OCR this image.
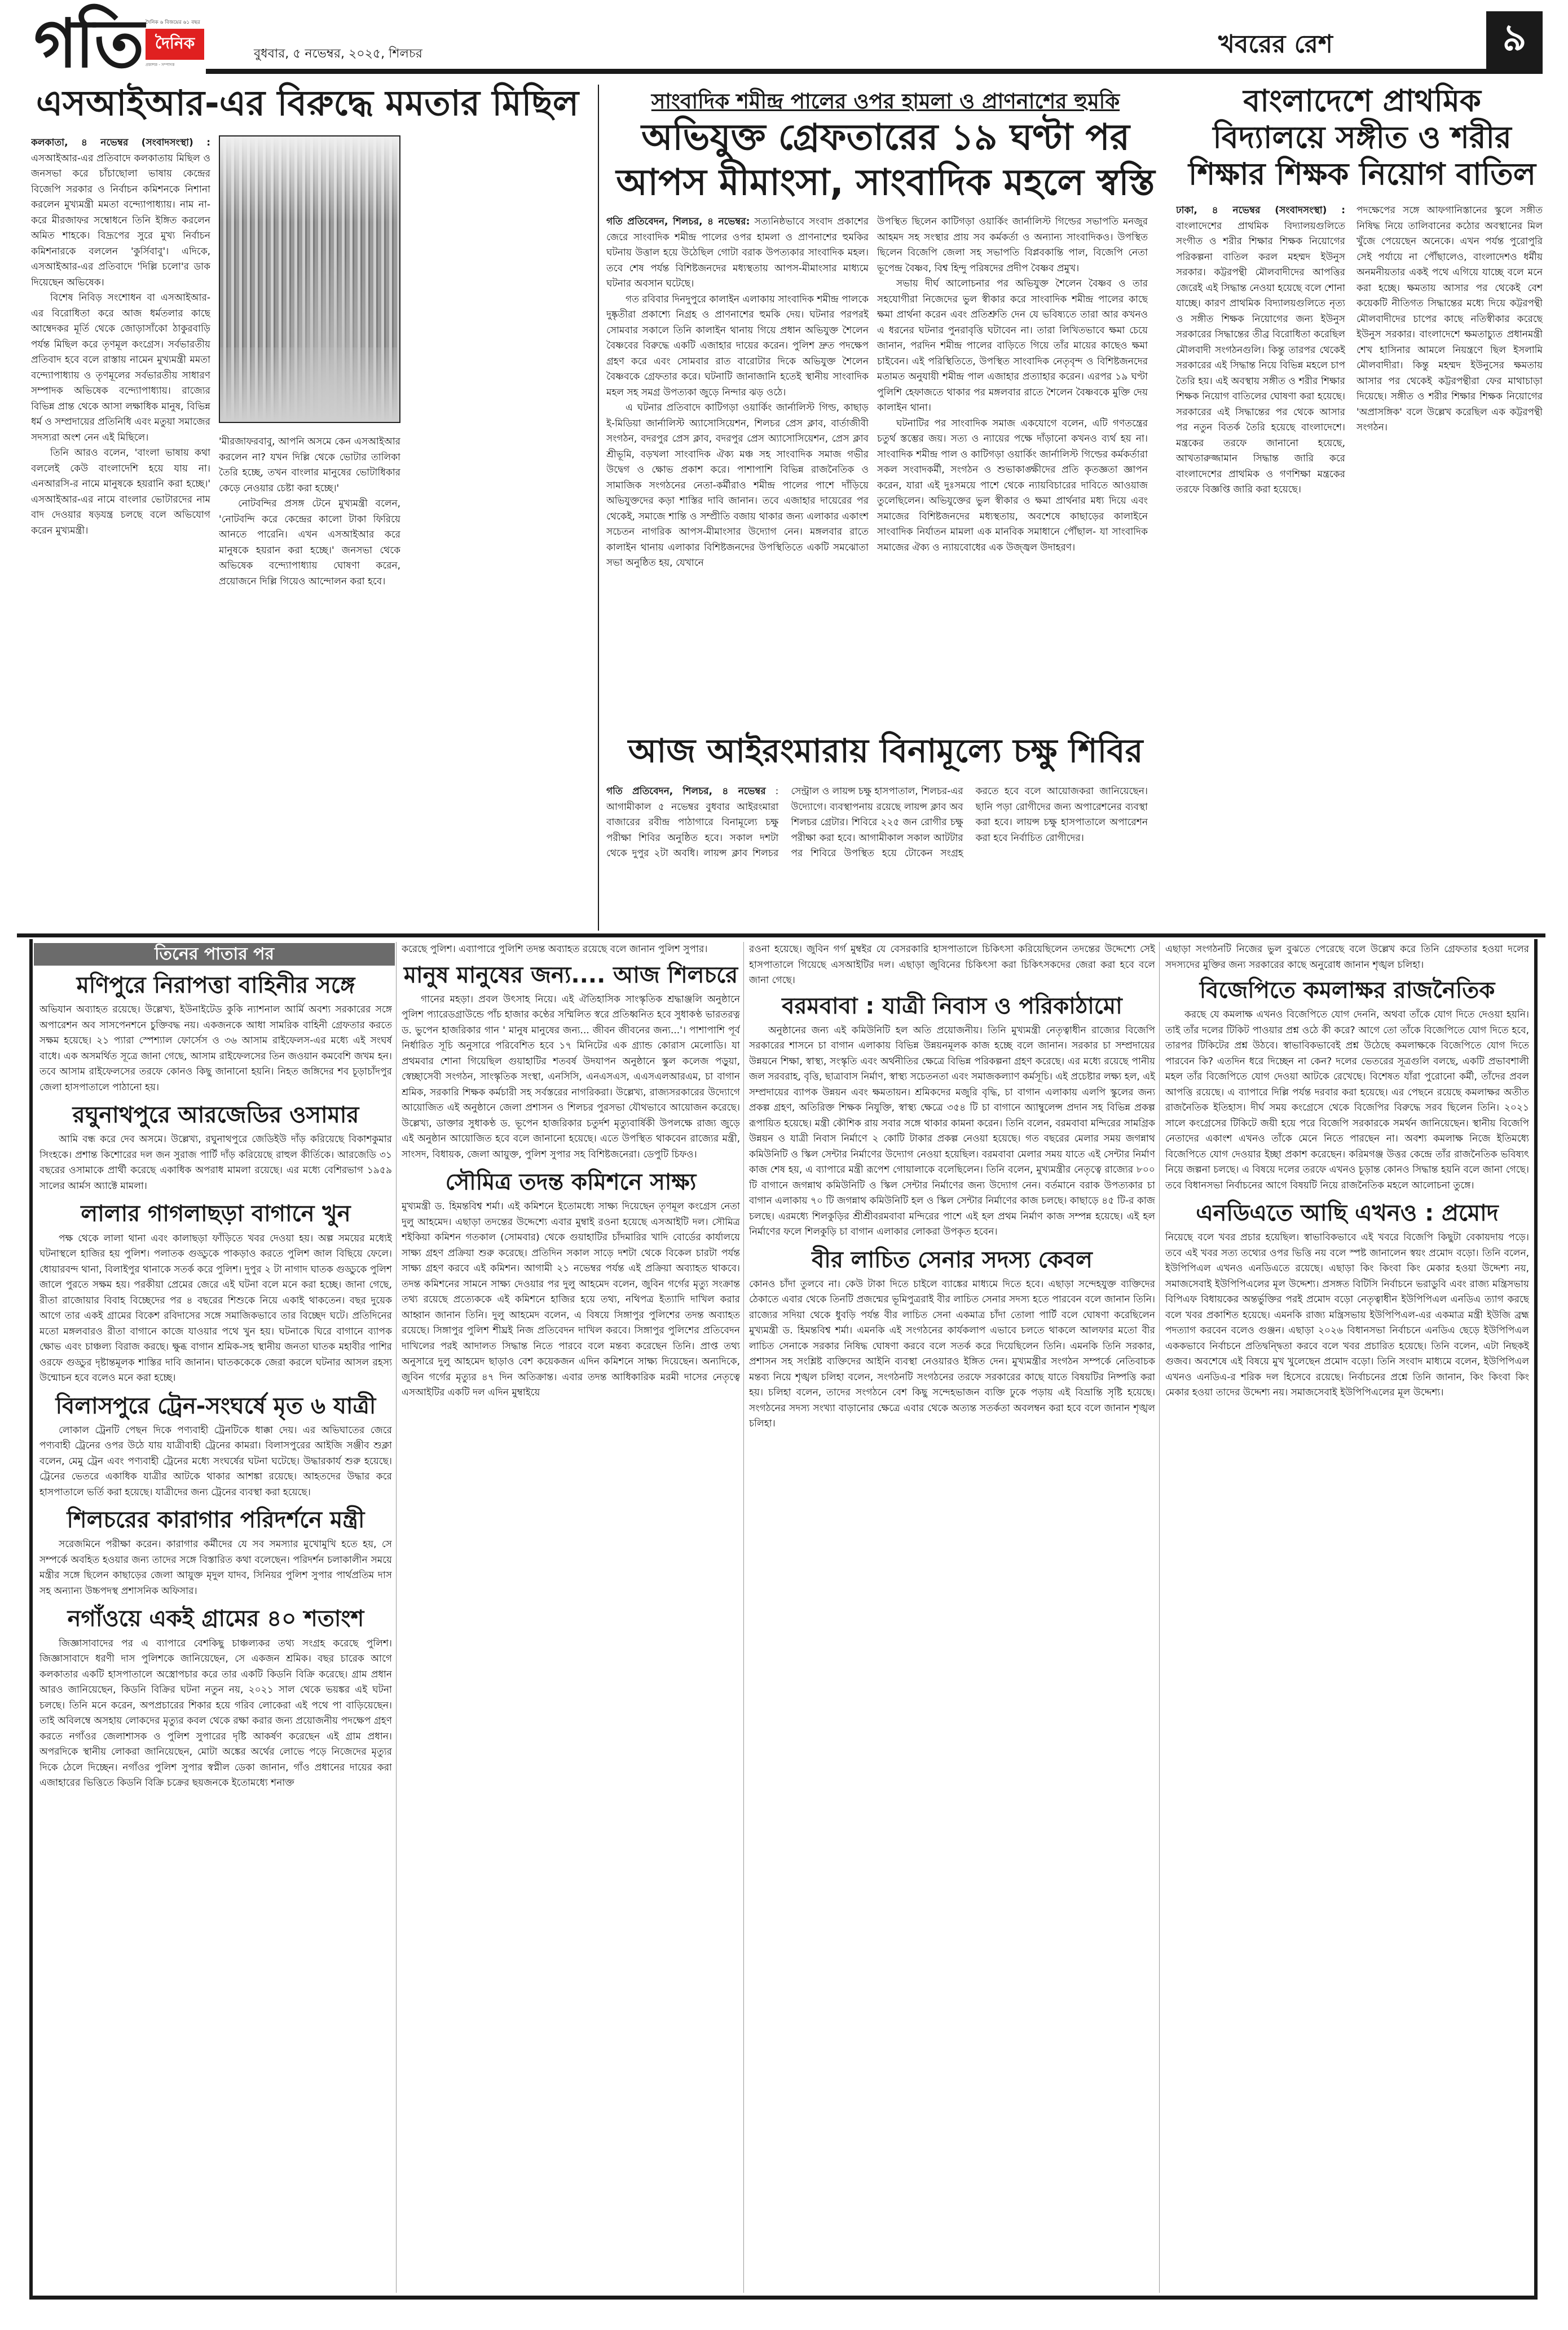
গতি দৈনিক ৬ বিজয়ের ৬১ বছর
দৈনিক
প্রকাশক - সম্পাদক
বুধবার, ৫ নভেম্বর, ২০২৫, শিলচর	খবরের রেশ	৯
এসআইআর-এর বিরুদ্ধে মমতার মিছিল

কলকাতা, ৪ নভেম্বর (সংবাদসংস্থা) : এসআইআর-এর প্রতিবাদে কলকাতায় মিছিল ও জনসভা করে চাঁচাছোলা ভাষায় কেন্দ্রের বিজেপি সরকার ও নির্বাচন কমিশনকে নিশানা করলেন মুখ্যমন্ত্রী মমতা বন্দ্যোপাধ্যায়। নাম না-করে মীরজাফর সম্বোধনে তিনি ইঙ্গিত করলেন অমিত শাহকে। বিদ্রূপের সুরে মুখ্য নির্বাচন কমিশনারকে বললেন 'কুর্সিবাবু'। এদিকে, এসআইআর-এর প্রতিবাদে 'দিল্লি চলো'র ডাক দিয়েছেন অভিষেক।

বিশেষ নিবিড় সংশোধন বা এসআইআর-এর বিরোধিতা করে আজ ধর্মতলার কাছে আম্বেদকর মূর্তি থেকে জোড়াসাঁকো ঠাকুরবাড়ি পর্যন্ত মিছিল করে তৃণমূল কংগ্রেস। সর্বভারতীয় প্রতিবাদ হবে বলে রাস্তায় নামেন মুখ্যমন্ত্রী মমতা বন্দ্যোপাধ্যায় ও তৃণমূলের সর্বভারতীয় সাধারণ সম্পাদক অভিষেক বন্দ্যোপাধ্যায়। রাজ্যের বিভিন্ন প্রান্ত থেকে আসা লক্ষাধিক মানুষ, বিভিন্ন ধর্ম ও সম্প্রদায়ের প্রতিনিধি এবং মতুয়া সমাজের সদস্যরা অংশ নেন এই মিছিলে।

তিনি আরও বলেন, 'বাংলা ভাষায় কথা বললেই কেউ বাংলাদেশি হয়ে যায় না। এনআরসি-র নামে মানুষকে হয়রানি করা হচ্ছে।' এসআইআর-এর নামে বাংলার ভোটারদের নাম বাদ দেওয়ার ষড়যন্ত্র চলছে বলে অভিযোগ করেন মুখ্যমন্ত্রী।

'মীরজাফরবাবু, আপনি অসমে কেন এসআইআর করলেন না? যখন দিল্লি থেকে ভোটার তালিকা তৈরি হচ্ছে, তখন বাংলার মানুষের ভোটাধিকার কেড়ে নেওয়ার চেষ্টা করা হচ্ছে।'

নোটবন্দির প্রসঙ্গ টেনে মুখ্যমন্ত্রী বলেন, 'নোটবন্দি করে কেন্দ্রের কালো টাকা ফিরিয়ে আনতে পারেনি। এখন এসআইআর করে মানুষকে হয়রান করা হচ্ছে।' জনসভা থেকে অভিষেক বন্দ্যোপাধ্যায় ঘোষণা করেন, প্রয়োজনে দিল্লি গিয়েও আন্দোলন করা হবে।

সাংবাদিক শমীন্দ্র পালের ওপর হামলা ও প্রাণনাশের হুমকি
অভিযুক্ত গ্রেফতারের ১৯ ঘণ্টা পর
আপস মীমাংসা, সাংবাদিক মহলে স্বস্তি

গতি প্রতিবেদন, শিলচর, ৪ নভেম্বর: সত্যনিষ্ঠভাবে সংবাদ প্রকাশের জেরে সাংবাদিক শমীন্দ্র পালের ওপর হামলা ও প্রাণনাশের হুমকির ঘটনায় উত্তাল হয়ে উঠেছিল গোটা বরাক উপত্যকার সাংবাদিক মহল। তবে শেষ পর্যন্ত বিশিষ্টজনদের মধ্যস্থতায় আপস-মীমাংসার মাধ্যমে ঘটনার অবসান ঘটেছে।

গত রবিবার দিনদুপুরে কালাইন এলাকায় সাংবাদিক শমীন্দ্র পালকে দুষ্কৃতীরা প্রকাশ্যে নিগ্রহ ও প্রাণনাশের হুমকি দেয়। ঘটনার পরপরই সোমবার সকালে তিনি কালাইন থানায় গিয়ে প্রধান অভিযুক্ত শৈলেন বৈষ্ণবের বিরুদ্ধে একটি এজাহার দায়ের করেন। পুলিশ দ্রুত পদক্ষেপ গ্রহণ করে এবং সোমবার রাত বারোটার দিকে অভিযুক্ত শৈলেন বৈষ্ণবকে গ্রেফতার করে। ঘটনাটি জানাজানি হতেই স্থানীয় সাংবাদিক মহল সহ সমগ্র উপত্যকা জুড়ে নিন্দার ঝড় ওঠে।

এ ঘটনার প্রতিবাদে কাটিগড়া ওয়ার্কিং জার্নালিস্ট গিল্ড, কাছাড় ই-মিডিয়া জার্নালিস্ট অ্যাসোসিয়েশন, শিলচর প্রেস ক্লাব, বার্তাজীবী সংগঠন, বদরপুর প্রেস ক্লাব, বদরপুর প্রেস অ্যাসোসিয়েশন, প্রেস ক্লাব শ্রীভূমি, বড়খলা সাংবাদিক ঐক্য মঞ্চ সহ সাংবাদিক সমাজ গভীর উদ্বেগ ও ক্ষোভ প্রকাশ করে। পাশাপাশি বিভিন্ন রাজনৈতিক ও সামাজিক সংগঠনের নেতা-কর্মীরাও শমীন্দ্র পালের পাশে দাঁড়িয়ে অভিযুক্তদের কড়া শাস্তির দাবি জানান। তবে এজাহার দায়েরের পর থেকেই, সমাজে শান্তি ও সম্প্রীতি বজায় থাকার জন্য এলাকার একাংশ সচেতন নাগরিক আপস-মীমাংসার উদ্যোগ নেন। মঙ্গলবার রাতে কালাইন থানায় এলাকার বিশিষ্টজনদের উপস্থিতিতে একটি সমঝোতা সভা অনুষ্ঠিত হয়, যেখানে

উপস্থিত ছিলেন কাটিগড়া ওয়ার্কিং জার্নালিস্ট গিল্ডের সভাপতি মনজুর আহমদ সহ সংস্থার প্রায় সব কর্মকর্তা ও অন্যান্য সাংবাদিকও। উপস্থিত ছিলেন বিজেপি জেলা সহ সভাপতি বিপ্লবকান্তি পাল, বিজেপি নেতা ভূপেন্দ্র বৈষ্ণব, বিশ্ব হিন্দু পরিষদের প্রদীপ বৈষ্ণব প্রমুখ।

সভায় দীর্ঘ আলোচনার পর অভিযুক্ত শৈলেন বৈষ্ণব ও তার সহযোগীরা নিজেদের ভুল স্বীকার করে সাংবাদিক শমীন্দ্র পালের কাছে ক্ষমা প্রার্থনা করেন এবং প্রতিশ্রুতি দেন যে ভবিষ্যতে তারা আর কখনও এ ধরনের ঘটনার পুনরাবৃত্তি ঘটাবেন না। তারা লিখিতভাবে ক্ষমা চেয়ে জানান, পরদিন শমীন্দ্র পালের বাড়িতে গিয়ে তাঁর মায়ের কাছেও ক্ষমা চাইবেন। এই পরিস্থিতিতে, উপস্থিত সাংবাদিক নেতৃবৃন্দ ও বিশিষ্টজনদের মতামত অনুযায়ী শমীন্দ্র পাল এজাহার প্রত্যাহার করেন। এরপর ১৯ ঘণ্টা পুলিশি হেফাজতে থাকার পর মঙ্গলবার রাতে শৈলেন বৈষ্ণবকে মুক্তি দেয় কালাইন থানা।

ঘটনাটির পর সাংবাদিক সমাজ একযোগে বলেন, এটি গণতন্ত্রের চতুর্থ স্তম্ভের জয়। সত্য ও ন্যায়ের পক্ষে দাঁড়ানো কখনও ব্যর্থ হয় না। সাংবাদিক শমীন্দ্র পাল ও কাটিগড়া ওয়ার্কিং জার্নালিস্ট গিল্ডের কর্মকর্তারা সকল সংবাদকর্মী, সংগঠন ও শুভাকাঙ্ক্ষীদের প্রতি কৃতজ্ঞতা জ্ঞাপন করেন, যারা এই দুঃসময়ে পাশে থেকে ন্যায়বিচারের দাবিতে আওয়াজ তুলেছিলেন। অভিযুক্তের ভুল স্বীকার ও ক্ষমা প্রার্থনার মধ্য দিয়ে এবং সমাজের বিশিষ্টজনদের মধ্যস্থতায়, অবশেষে কাছাড়ের কালাইনে সাংবাদিক নির্যাতন মামলা এক মানবিক সমাধানে পৌঁছাল- যা সাংবাদিক সমাজের ঐক্য ও ন্যায়বোধের এক উজ্জ্বল উদাহরণ।

আজ আইরংমারায় বিনামূল্যে চক্ষু শিবির

গতি প্রতিবেদন, শিলচর, ৪ নভেম্বর : আগামীকাল ৫ নভেম্বর বুধবার আইরংমারা বাজারের রবীন্দ্র পাঠাগারে বিনামূল্যে চক্ষু পরীক্ষা শিবির অনুষ্ঠিত হবে। সকাল দশটা থেকে দুপুর ২টা অবধি। লায়ন্স ক্লাব শিলচর সেন্ট্রাল ও লায়ন্স চক্ষু হাসপাতাল, শিলচর-এর উদ্যোগে। ব্যবস্থাপনায় রয়েছে লায়ন্স ক্লাব অব শিলচর গ্রেটার। শিবিরে ২২৫ জন রোগীর চক্ষু পরীক্ষা করা হবে। আগামীকাল সকাল আটটার পর শিবিরে উপস্থিত হয়ে টোকেন সংগ্রহ করতে হবে বলে আয়োজকরা জানিয়েছেন। ছানি পড়া রোগীদের জন্য অপারেশনের ব্যবস্থা করা হবে। লায়ন্স চক্ষু হাসপাতালে অপারেশন করা হবে নির্বাচিত রোগীদের।

বাংলাদেশে প্রাথমিক
বিদ্যালয়ে সঙ্গীত ও শরীর
শিক্ষার শিক্ষক নিয়োগ বাতিল

ঢাকা, ৪ নভেম্বর (সংবাদসংস্থা) : বাংলাদেশের প্রাথমিক বিদ্যালয়গুলিতে সংগীত ও শরীর শিক্ষার শিক্ষক নিয়োগের পরিকল্পনা বাতিল করল মহম্মদ ইউনুস সরকার। কট্টরপন্থী মৌলবাদীদের আপত্তির জেরেই এই সিদ্ধান্ত নেওয়া হয়েছে বলে শোনা যাচ্ছে। কারণ প্রাথমিক বিদ্যালয়গুলিতে নৃত্য ও সঙ্গীত শিক্ষক নিয়োগের জন্য ইউনুস সরকারের সিদ্ধান্তের তীব্র বিরোধিতা করেছিল মৌলবাদী সংগঠনগুলি। কিন্তু তারপর থেকেই সরকারের এই সিদ্ধান্ত নিয়ে বিভিন্ন মহলে চাপ তৈরি হয়। এই অবস্থায় সঙ্গীত ও শরীর শিক্ষার শিক্ষক নিয়োগ বাতিলের ঘোষণা করা হয়েছে। সরকারের এই সিদ্ধান্তের পর থেকে আসার পর নতুন বিতর্ক তৈরি হয়েছে বাংলাদেশে। মন্ত্রকের তরফে জানানো হয়েছে, আখতারুজ্জামান সিদ্ধান্ত জারি করে বাংলাদেশের প্রাথমিক ও গণশিক্ষা মন্ত্রকের তরফে বিজ্ঞপ্তি জারি করা হয়েছে।

পদক্ষেপের সঙ্গে আফগানিস্তানের স্কুলে সঙ্গীত নিষিদ্ধ নিয়ে তালিবানের কঠোর অবস্থানের মিল খুঁজে পেয়েছেন অনেকে। এখন পর্যন্ত পুরোপুরি সেই পর্যায়ে না পৌঁছালেও, বাংলাদেশও ধর্মীয় অনমনীয়তার একই পথে এগিয়ে যাচ্ছে বলে মনে করা হচ্ছে। ক্ষমতায় আসার পর থেকেই বেশ কয়েকটি নীতিগত সিদ্ধান্তের মধ্যে দিয়ে কট্টরপন্থী মৌলবাদীদের চাপের কাছে নতিস্বীকার করেছে ইউনুস সরকার। বাংলাদেশে ক্ষমতাচ্যুত প্রধানমন্ত্রী শেখ হাসিনার আমলে নিয়ন্ত্রণে ছিল ইসলামি মৌলবাদীরা। কিন্তু মহম্মদ ইউনুসের ক্ষমতায় আসার পর থেকেই কট্টরপন্থীরা ফের মাথাচাড়া দিয়েছে। সঙ্গীত ও শরীর শিক্ষার শিক্ষক নিয়োগের 'অপ্রাসঙ্গিক' বলে উল্লেখ করেছিল এক কট্টরপন্থী সংগঠন।

তিনের পাতার পর
মণিপুরে নিরাপত্তা বাহিনীর সঙ্গে

অভিযান অব্যাহত রয়েছে। উল্লেখ্য, ইউনাইটেড কুকি ন্যাশনাল আর্মি অবশ্য সরকারের সঙ্গে অপারেশন অব সাসপেনশনে চুক্তিবদ্ধ নয়। একজনকে আধা সামরিক বাহিনী গ্রেফতার করতে সক্ষম হয়েছে। ২১ প্যারা স্পেশ্যাল ফোর্সেস ও ৩৬ আসাম রাইফেলস-এর মধ্যে এই সংঘর্ষ বাধে। এক অসমর্থিত সূত্রে জানা গেছে, আসাম রাইফেলসের তিন জওয়ান কমবেশি জখম হন। তবে আসাম রাইফেলসের তরফে কোনও কিছু জানানো হয়নি। নিহত জঙ্গিদের শব চূড়াচাঁদপুর জেলা হাসপাতালে পাঠানো হয়।

রঘুনাথপুরে আরজেডির ওসামার

আমি বন্ধ করে দেব অসমে। উল্লেখ্য, রঘুনাথপুরে জেডিইউ দাঁড় করিয়েছে বিকাশকুমার সিংহকে। প্রশান্ত কিশোরের দল জন সুরাজ পার্টি দাঁড় করিয়েছে রাহুল কীর্তিকে। আরজেডি ৩১ বছরের ওসামাকে প্রার্থী করেছে একাধিক অপরাধ মামলা রয়েছে। এর মধ্যে বেশিরভাগ ১৯৫৯ সালের আর্মস অ্যাক্টে মামলা।

লালার গাগলাছড়া বাগানে খুন

পক্ষ থেকে লালা থানা এবং কালাছড়া ফাঁড়িতে খবর দেওয়া হয়। অল্প সময়ের মধ্যেই ঘটনাস্থলে হাজির হয় পুলিশ। পলাতক গুড্ডুকে পাকড়াও করতে পুলিশ জাল বিছিয়ে ফেলে। ধোয়ারবন্দ থানা, বিলাইপুর থানাকে সতর্ক করে পুলিশ। দুপুর ২ টা নাগাদ ঘাতক গুড্ডুকে পুলিশ জালে পুরতে সক্ষম হয়। পরকীয়া প্রেমের জেরে এই ঘটনা বলে মনে করা হচ্ছে। জানা গেছে, রীতা রাজোয়ার বিবাহ বিচ্ছেদের পর ৪ বছরের শিশুকে নিয়ে একাই থাকতেন। বছর দুয়েক আগে তার একই গ্রামের বিকেশ রবিদাসের সঙ্গে সমাজিকভাবে তার বিচ্ছেদ ঘটে। প্রতিদিনের মতো মঙ্গলবারও রীতা বাগানে কাজে যাওয়ার পথে খুন হয়। ঘটনাকে ঘিরে বাগানে ব্যাপক ক্ষোভ এবং চাঞ্চল্য বিরাজ করছে। ক্ষুব্ধ বাগান শ্রমিক-সহ স্থানীয় জনতা ঘাতক মহাবীর পাশির ওরফে গুড্ডুর দৃষ্টান্তমূলক শাস্তির দাবি জানান। ঘাতককেকে জেরা করলে ঘটনার আসল রহস্য উন্মোচন হবে বলেও মনে করা হচ্ছে।

বিলাসপুরে ট্রেন-সংঘর্ষে মৃত ৬ যাত্রী

লোকাল ট্রেনটি পেছন দিকে পণ্যবাহী ট্রেনটিকে ধাক্কা দেয়। এর অভিঘাতের জেরে পণ্যবাহী ট্রেনের ওপর উঠে যায় যাত্রীবাহী ট্রেনের কামরা। বিলাসপুরের আইজি সঞ্জীব শুক্লা বলেন, মেমু ট্রেন এবং পণ্যবাহী ট্রেনের মধ্যে সংঘর্ষের ঘটনা ঘটেছে। উদ্ধারকার্য শুরু হয়েছে। ট্রেনের ভেতরে একাধিক যাত্রীর আটকে থাকার আশঙ্কা রয়েছে। আহতদের উদ্ধার করে হাসপাতালে ভর্তি করা হয়েছে। যাত্রীদের জন্য ট্রেনের ব্যবস্থা করা হয়েছে।

শিলচরের কারাগার পরিদর্শনে মন্ত্রী

সরেজমিনে পরীক্ষা করেন। কারাগার কর্মীদের যে সব সমস্যার মুখোমুখি হতে হয়, সে সম্পর্কে অবহিত হওয়ার জন্য তাদের সঙ্গে বিস্তারিত কথা বলেছেন। পরিদর্শন চলাকালীন সময়ে মন্ত্রীর সঙ্গে ছিলেন কাছাড়ের জেলা আয়ুক্ত মৃদুল যাদব, সিনিয়র পুলিশ সুপার পার্থপ্রতিম দাস সহ অন্যান্য উচ্চপদস্থ প্রশাসনিক অফিসার।

নগাঁওয়ে একই গ্রামের ৪০ শতাংশ

জিজ্ঞাসাবাদের পর এ ব্যাপারে বেশকিছু চাঞ্চল্যকর তথ্য সংগ্রহ করেছে পুলিশ। জিজ্ঞাসাবাদে ধরণী দাস পুলিশকে জানিয়েছেন, সে একজন শ্রমিক। বছর চারেক আগে কলকাতার একটি হাসপাতালে অস্ত্রোপচার করে তার একটি কিডনি বিক্রি করেছে। গ্রাম প্রধান আরও জানিয়েছেন, কিডনি বিক্রির ঘটনা নতুন নয়, ২০২১ সাল থেকে ভয়ঙ্কর এই ঘটনা চলছে। তিনি মনে করেন, অপপ্রচারের শিকার হয়ে গরিব লোকেরা এই পথে পা বাড়িয়েছেন। তাই অবিলম্বে অসহায় লোকদের মৃত্যুর কবল থেকে রক্ষা করার জন্য প্রয়োজনীয় পদক্ষেপ গ্রহণ করতে নগাঁওর জেলাশাসক ও পুলিশ সুপারের দৃষ্টি আকর্ষণ করেছেন এই গ্রাম প্রধান। অপরদিকে স্থানীয় লোকরা জানিয়েছেন, মোটা অঙ্কের অর্থের লোভে পড়ে নিজেদের মৃত্যুর দিকে ঠেলে দিচ্ছেন। নগাঁওর পুলিশ সুপার স্বপ্নীল ডেকা জানান, গাঁও প্রধানের দায়ের করা এজাহারের ভিত্তিতে কিডনি বিক্রি চক্রের ছয়জনকে ইতোমধ্যে শনাক্ত

করেছে পুলিশ। এব্যাপারে পুলিশি তদন্ত অব্যাহত রয়েছে বলে জানান পুলিশ সুপার।

মানুষ মানুষের জন্য.... আজ শিলচরে

গানের মহড়া। প্রবল উৎসাহ নিয়ে। এই ঐতিহাসিক সাংস্কৃতিক শ্রদ্ধাঞ্জলি অনুষ্ঠানে পুলিশ প্যারেডগ্রাউন্ডে পাঁচ হাজার কণ্ঠের সম্মিলিত স্বরে প্রতিধ্বনিত হবে সুধাকণ্ঠ ভারতরত্ন ড. ভুপেন হাজরিকার গান ' মানুষ মানুষের জন্য... জীবন জীবনের জন্য...'। পাশাপাশি পূর্ব নির্ধারিত সূচি অনুসারে পরিবেশিত হবে ১৭ মিনিটের এক গ্র্যান্ড কোরাস মেলোডি। যা প্রথমবার শোনা গিয়েছিল গুয়াহাটির শতবর্ষ উদযাপন অনুষ্ঠানে স্কুল কলেজ পড়ুয়া, স্বেচ্ছাসেবী সংগঠন, সাংস্কৃতিক সংস্থা, এনসিসি, এনএসএস, এএসএলআরএম, চা বাগান শ্রমিক, সরকারি শিক্ষক কর্মচারী সহ সর্বস্তরের নাগরিকরা। উল্লেখ্য, রাজ্যসরকারের উদ্যোগে আয়োজিত এই অনুষ্ঠানে জেলা প্রশাসন ও শিলচর পুরসভা যৌথভাবে আয়োজন করেছে। উল্লেখ্য, ডাক্তার সুধাকণ্ঠ ড. ভূপেন হাজরিকার চতুর্দশ মৃত্যুবার্ষিকী উপলক্ষে রাজ্য জুড়ে এই অনুষ্ঠান আয়োজিত হবে বলে জানানো হয়েছে। এতে উপস্থিত থাকবেন রাজ্যের মন্ত্রী, সাংসদ, বিধায়ক, জেলা আয়ুক্ত, পুলিশ সুপার সহ বিশিষ্টজনেরা। ডেপুটি চিফও।

সৌমিত্র তদন্ত কমিশনে সাক্ষ্য

মুখ্যমন্ত্রী ড. হিমন্তবিশ্ব শর্মা। এই কমিশনে ইতোমধ্যে সাক্ষ্য দিয়েছেন তৃণমূল কংগ্রেস নেতা দুলু আহমেদ। এছাড়া তদন্তের উদ্দেশ্যে এবার মুম্বাই রওনা হয়েছে এসআইটি দল। সৌমিত্র শইকিয়া কমিশন গতকাল (সোমবার) থেকে গুয়াহাটির চাঁদমারির খাদি বোর্ডের কার্যালয়ে সাক্ষ্য গ্রহণ প্রক্রিয়া শুরু করেছে। প্রতিদিন সকাল সাড়ে দশটা থেকে বিকেল চারটা পর্যন্ত সাক্ষ্য গ্রহণ করবে এই কমিশন। আগামী ২১ নভেম্বর পর্যন্ত এই প্রক্রিয়া অব্যাহত থাকবে। তদন্ত কমিশনের সামনে সাক্ষ্য দেওয়ার পর দুলু আহমেদ বলেন, জুবিন গর্গের মৃত্যু সংক্রান্ত তথ্য রয়েছে প্রত্যেককে এই কমিশনে হাজির হয়ে তথ্য, নথিপত্র ইত্যাদি দাখিল করার আহ্বান জানান তিনি। দুলু আহমেদ বলেন, এ বিষয়ে সিঙ্গাপুর পুলিশের তদন্ত অব্যাহত রয়েছে। সিঙ্গাপুর পুলিশ শীঘ্রই নিজ প্রতিবেদন দাখিল করবে। সিঙ্গাপুর পুলিশের প্রতিবেদন দাখিলের পরই আদালত সিদ্ধান্ত নিতে পারবে বলে মন্তব্য করেছেন তিনি। প্রাপ্ত তথ্য অনুসারে দুলু আহমেদ ছাড়াও বেশ কয়েকজন এদিন কমিশনে সাক্ষ্য দিয়েছেন। অন্যদিকে, জুবিন গর্গের মৃত্যুর ৪৭ দিন অতিক্রান্ত। এবার তদন্ত আধিকারিক মরমী দাসের নেতৃত্বে এসআইটির একটি দল এদিন মুম্বাইয়ে

রওনা হয়েছে। জুবিন গর্গ মুম্বইর যে বেসরকারি হাসপাতালে চিকিৎসা করিয়েছিলেন তদন্তের উদ্দেশ্যে সেই হাসপাতালে গিয়েছে এসআইটির দল। এছাড়া জুবিনের চিকিৎসা করা চিকিৎসকদের জেরা করা হবে বলে জানা গেছে।

বরমবাবা : যাত্রী নিবাস ও পরিকাঠামো

অনুষ্ঠানের জন্য এই কমিউনিটি হল অতি প্রয়োজনীয়। তিনি মুখ্যমন্ত্রী নেতৃত্বাধীন রাজ্যের বিজেপি সরকারের শাসনে চা বাগান এলাকায় বিভিন্ন উন্নয়নমূলক কাজ হচ্ছে বলে জানান। সরকার চা সম্প্রদায়ের উন্নয়নে শিক্ষা, স্বাস্থ্য, সংস্কৃতি এবং অর্থনীতির ক্ষেত্রে বিভিন্ন পরিকল্পনা গ্রহণ করেছে। এর মধ্যে রয়েছে পানীয় জল সরবরাহ, বৃত্তি, ছাত্রাবাস নির্মাণ, স্বাস্থ্য সচেতনতা এবং সমাজকল্যাণ কর্মসূচি। এই প্রচেষ্টার লক্ষ্য হল, এই সম্প্রদায়ের ব্যাপক উন্নয়ন এবং ক্ষমতায়ন। শ্রমিকদের মজুরি বৃদ্ধি, চা বাগান এলাকায় এলপি স্কুলের জন্য প্রকল্প গ্রহণ, অতিরিক্ত শিক্ষক নিযুক্তি, স্বাস্থ্য ক্ষেত্রে ৩৫৪ টি চা বাগানে অ্যাম্বুলেন্স প্রদান সহ বিভিন্ন প্রকল্প রূপায়িত হয়েছে। মন্ত্রী কৌশিক রায় সবার সঙ্গে থাকার কামনা করেন। তিনি বলেন, বরমবাবা মন্দিরের সামগ্রিক উন্নয়ন ও যাত্রী নিবাস নির্মাণে ২ কোটি টাকার প্রকল্প নেওয়া হয়েছে। গত বছরের মেলার সময় জগন্নাথ কমিউনিটি ও স্কিল সেন্টার নির্মাণের উদ্যোগ নেওয়া হয়েছিল। বরমবাবা মেলার সময় যাতে এই সেন্টার নির্মাণ কাজ শেষ হয়, এ ব্যাপারে মন্ত্রী রূপেশ গোয়ালাকে বলেছিলেন। তিনি বলেন, মুখ্যমন্ত্রীর নেতৃত্বে রাজ্যের ৮০০ টি বাগানে জগন্নাথ কমিউনিটি ও স্কিল সেন্টার নির্মাণের জন্য উদ্যোগ নেন। বর্তমানে বরাক উপত্যকার চা বাগান এলাকায় ৭০ টি জগন্নাথ কমিউনিটি হল ও স্কিল সেন্টার নির্মাণের কাজ চলছে। কাছাড়ে ৪৫ টি-র কাজ চলছে। এরমধ্যে শিলকুড়ির শ্রীশ্রীবরমবাবা মন্দিরের পাশে এই হল প্রথম নির্মাণ কাজ সম্পন্ন হয়েছে। এই হল নির্মাণের ফলে শিলকুড়ি চা বাগান এলাকার লোকরা উপকৃত হবেন।

বীর লাচিত সেনার সদস্য কেবল

কোনও চাঁদা তুলবে না। কেউ টাকা দিতে চাইলে ব্যাঙ্কের মাধ্যমে দিতে হবে। এছাড়া সন্দেহযুক্ত ব্যক্তিদের ঠেকাতে এবার থেকে তিনটি প্রজন্মের ভূমিপুত্ররাই বীর লাচিত সেনার সদস্য হতে পারবেন বলে জানান তিনি। রাজ্যের সদিয়া থেকে ধুবড়ি পর্যন্ত বীর লাচিত সেনা একমাত্র চাঁদা তোলা পার্টি বলে ঘোষণা করেছিলেন মুখ্যমন্ত্রী ড. হিমন্তবিশ্ব শর্মা। এমনকি এই সংগঠনের কার্যকলাপ এভাবে চলতে থাকলে আলফার মতো বীর লাচিত সেনাকে সরকার নিষিদ্ধ ঘোষণা করবে বলে সতর্ক করে দিয়েছিলেন তিনি। এমনকি তিনি সরকার, প্রশাসন সহ সংশ্লিষ্ট ব্যক্তিদের আইনি ব্যবস্থা নেওয়ারও ইঙ্গিত দেন। মুখ্যমন্ত্রীর সংগঠন সম্পর্কে নেতিবাচক মন্তব্য নিয়ে শৃঙ্খল চলিহা বলেন, সংগঠনটি সংগঠনের তরফে সরকারের কাছে যাতে বিষয়টির নিষ্পত্তি করা হয়। চলিহা বলেন, তাদের সংগঠনে বেশ কিছু সন্দেহভাজন ব্যক্তি ঢুকে পড়ায় এই বিভ্রান্তি সৃষ্টি হয়েছে। সংগঠনের সদস্য সংখ্যা বাড়ানোর ক্ষেত্রে এবার থেকে অত্যন্ত সতর্কতা অবলম্বন করা হবে বলে জানান শৃঙ্খল চলিহা।

এছাড়া সংগঠনটি নিজের ভুল বুঝতে পেরেছে বলে উল্লেখ করে তিনি গ্রেফতার হওয়া দলের সদস্যদের মুক্তির জন্য সরকারের কাছে অনুরোধ জানান শৃঙ্খল চলিহা।

বিজেপিতে কমলাক্ষর রাজনৈতিক

করছে যে কমলাক্ষ এখনও বিজেপিতে যোগ দেননি, অথবা তাঁকে যোগ দিতে দেওয়া হয়নি। তাই তাঁর দলের টিকিট পাওয়ার প্রশ্ন ওঠে কী করে? আগে তো তাঁকে বিজেপিতে যোগ দিতে হবে, তারপর টিকিটের প্রশ্ন উঠবে। স্বাভাবিকভাবেই প্রশ্ন উঠেছে কমলাক্ষকে বিজেপিতে যোগ দিতে পারবেন কি? এতদিন ধরে দিচ্ছেন না কেন? দলের ভেতরের সূত্রগুলি বলছে, একটি প্রভাবশালী মহল তাঁর বিজেপিতে যোগ দেওয়া আটকে রেখেছে। বিশেষত যাঁরা পুরোনো কর্মী, তাঁদের প্রবল আপত্তি রয়েছে। এ ব্যাপারে দিল্লি পর্যন্ত দরবার করা হয়েছে। এর পেছনে রয়েছে কমলাক্ষর অতীত রাজনৈতিক ইতিহাস। দীর্ঘ সময় কংগ্রেসে থেকে বিজেপির বিরুদ্ধে সরব ছিলেন তিনি। ২০২১ সালে কংগ্রেসের টিকিটে জয়ী হয়ে পরে বিজেপি সরকারকে সমর্থন জানিয়েছেন। স্থানীয় বিজেপি নেতাদের একাংশ এখনও তাঁকে মেনে নিতে পারছেন না। অবশ্য কমলাক্ষ নিজে ইতিমধ্যে বিজেপিতে যোগ দেওয়ার ইচ্ছা প্রকাশ করেছেন। করিমগঞ্জ উত্তর কেন্দ্রে তাঁর রাজনৈতিক ভবিষ্যৎ নিয়ে জল্পনা চলছে। এ বিষয়ে দলের তরফে এখনও চূড়ান্ত কোনও সিদ্ধান্ত হয়নি বলে জানা গেছে। তবে বিধানসভা নির্বাচনের আগে বিষয়টি নিয়ে রাজনৈতিক মহলে আলোচনা তুঙ্গে।

এনডিএতে আছি এখনও : প্রমোদ

নিয়েছে বলে খবর প্রচার হয়েছিল। স্বাভাবিকভাবে এই খবরে বিজেপি কিছুটা বেকায়দায় পড়ে। তবে এই খবর সত্য তথ্যের ওপর ভিত্তি নয় বলে স্পষ্ট জানালেন স্বয়ং প্রমোদ বড়ো। তিনি বলেন, ইউপিপিএল এখনও এনডিএতে রয়েছে। এছাড়া কিং কিংবা কিং মেকার হওয়া উদ্দেশ্য নয়, সমাজসেবাই ইউপিপিএলের মূল উদ্দেশ্য। প্রসঙ্গত বিটিসি নির্বাচনে ভরাডুবি এবং রাজ্য মন্ত্রিসভায় বিপিএফ বিধায়কের অন্তর্ভুক্তির পরই প্রমোদ বড়ো নেতৃত্বাধীন ইউপিপিএল এনডিএ ত্যাগ করছে বলে খবর প্রকাশিত হয়েছে। এমনকি রাজ্য মন্ত্রিসভায় ইউপিপিএল-এর একমাত্র মন্ত্রী ইউজি ব্রহ্ম পদত্যাগ করবেন বলেও গুঞ্জন। এছাড়া ২০২৬ বিধানসভা নির্বাচনে এনডিএ ছেড়ে ইউপিপিএল এককভাবে নির্বাচনে প্রতিদ্বন্দ্বিতা করবে বলে খবর প্রচারিত হয়েছে। তিনি বলেন, এটা নিছকই গুজব। অবশেষে এই বিষয়ে মুখ খুলেছেন প্রমোদ বড়ো। তিনি সংবাদ মাধ্যমে বলেন, ইউপিপিএল এখনও এনডিএ-র শরিক দল হিসেবে রয়েছে। নির্বাচনের প্রশ্নে তিনি জানান, কিং কিংবা কিং মেকার হওয়া তাদের উদ্দেশ্য নয়। সমাজসেবাই ইউপিপিএলের মূল উদ্দেশ্য।
